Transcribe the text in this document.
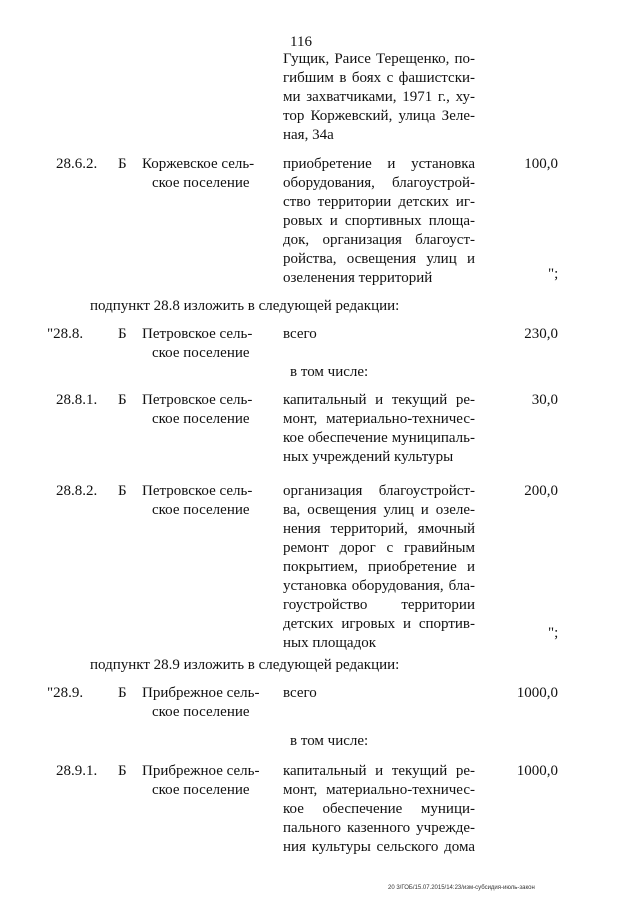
116
Гущик, Раисе Терещенко, по-
гибшим в боях с фашистски-
ми захватчиками, 1971 г., ху-
тор Коржевский, улица Зеле-
ная, 34а
28.6.2. Б Коржевское сель-
ское поселение
приобретение и установка
оборудования, благоустрой-
ство территории детских иг-
ровых и спортивных площа-
док, организация благоуст-
ройства, освещения улиц и
озеленения территорий
100,0
";
подпункт 28.8 изложить в следующей редакции:
"28.8. Б Петровское сель-
ское поселение
всего	230,0
в том числе:
28.8.1. Б Петровское сель-
ское поселение
капитальный и текущий ре-
монт, материально-техничес-
кое обеспечение муниципаль-
ных учреждений культуры
30,0
28.8.2. Б Петровское сель-
ское поселение
организация благоустройст-
ва, освещения улиц и озеле-
нения территорий, ямочный
ремонт дорог с гравийным
покрытием, приобретение и
установка оборудования, бла-
гоустройство территории
детских игровых и спортив-
ных площадок
200,0
";
подпункт 28.9 изложить в следующей редакции:
"28.9. Б Прибрежное сель-
ское поселение
всего	1000,0
в том числе:
28.9.1. Б Прибрежное сель-
ское поселение
капитальный и текущий ре-
монт, материально-техничес-
кое обеспечение муници-
пального казенного учрежде-
ния культуры сельского дома
1000,0
20 3/ГОБ/15.07.2015/14:23/изм-субсидия-июль-закон
